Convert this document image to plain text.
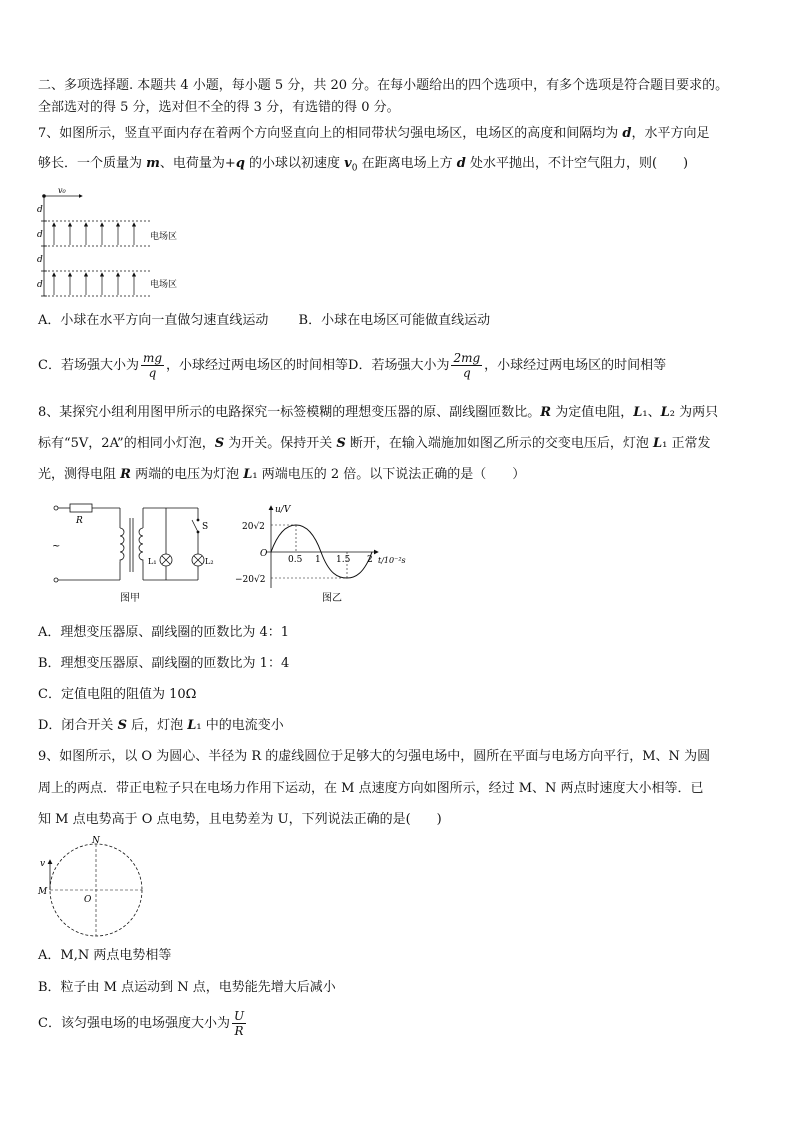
二、多项选择题. 本题共 4 小题，每小题 5 分，共 20 分。在每小题给出的四个选项中，有多个选项是符合题目要求的。
全部选对的得 5 分，选对但不全的得 3 分，有选错的得 0 分。
7、如图所示，竖直平面内存在着两个方向竖直向上的相同带状匀强电场区，电场区的高度和间隔均为 d，水平方向足
够长．一个质量为 m、电荷量为+q 的小球以初速度 $v_0$ 在距离电场上方 d 处水平抛出，不计空气阻力，则(　　)
v₀
d
d
d
d
电场区
电场区
A．小球在水平方向一直做匀速直线运动 B．小球在电场区可能做直线运动
C．若场强大小为 $\frac{mg}{q}$ ，小球经过两电场区的时间相等D．若场强大小为 $\frac{2mg}{q}$ ，小球经过两电场区的时间相等
8、某探究小组利用图甲所示的电路探究一标签模糊的理想变压器的原、副线圈匝数比。R 为定值电阻，L₁、L₂ 为两只
标有“5V，2A”的相同小灯泡，S 为开关。保持开关 S 断开，在输入端施加如图乙所示的交变电压后，灯泡 L₁ 正常发
光，测得电阻 R 两端的电压为灯泡 L₁ 两端电压的 2 倍。以下说法正确的是（　　）
R
~
S
L₁	L₂
图甲
u/V
t/10⁻²s
O
20√2
−20√2
0.5 1 1.5 2
图乙
A．理想变压器原、副线圈的匝数比为 4：1
B．理想变压器原、副线圈的匝数比为 1：4
C．定值电阻的阻值为 10Ω
D．闭合开关 S 后，灯泡 L₁ 中的电流变小
9、如图所示，以 O 为圆心、半径为 R 的虚线圆位于足够大的匀强电场中，圆所在平面与电场方向平行，M、N 为圆
周上的两点．带正电粒子只在电场力作用下运动，在 M 点速度方向如图所示，经过 M、N 两点时速度大小相等．已
知 M 点电势高于 O 点电势，且电势差为 U，下列说法正确的是(　　)
N
M
O
v
A．M,N 两点电势相等
B．粒子由 M 点运动到 N 点，电势能先增大后减小
C．该匀强电场的电场强度大小为 $\frac{U}{R}$
